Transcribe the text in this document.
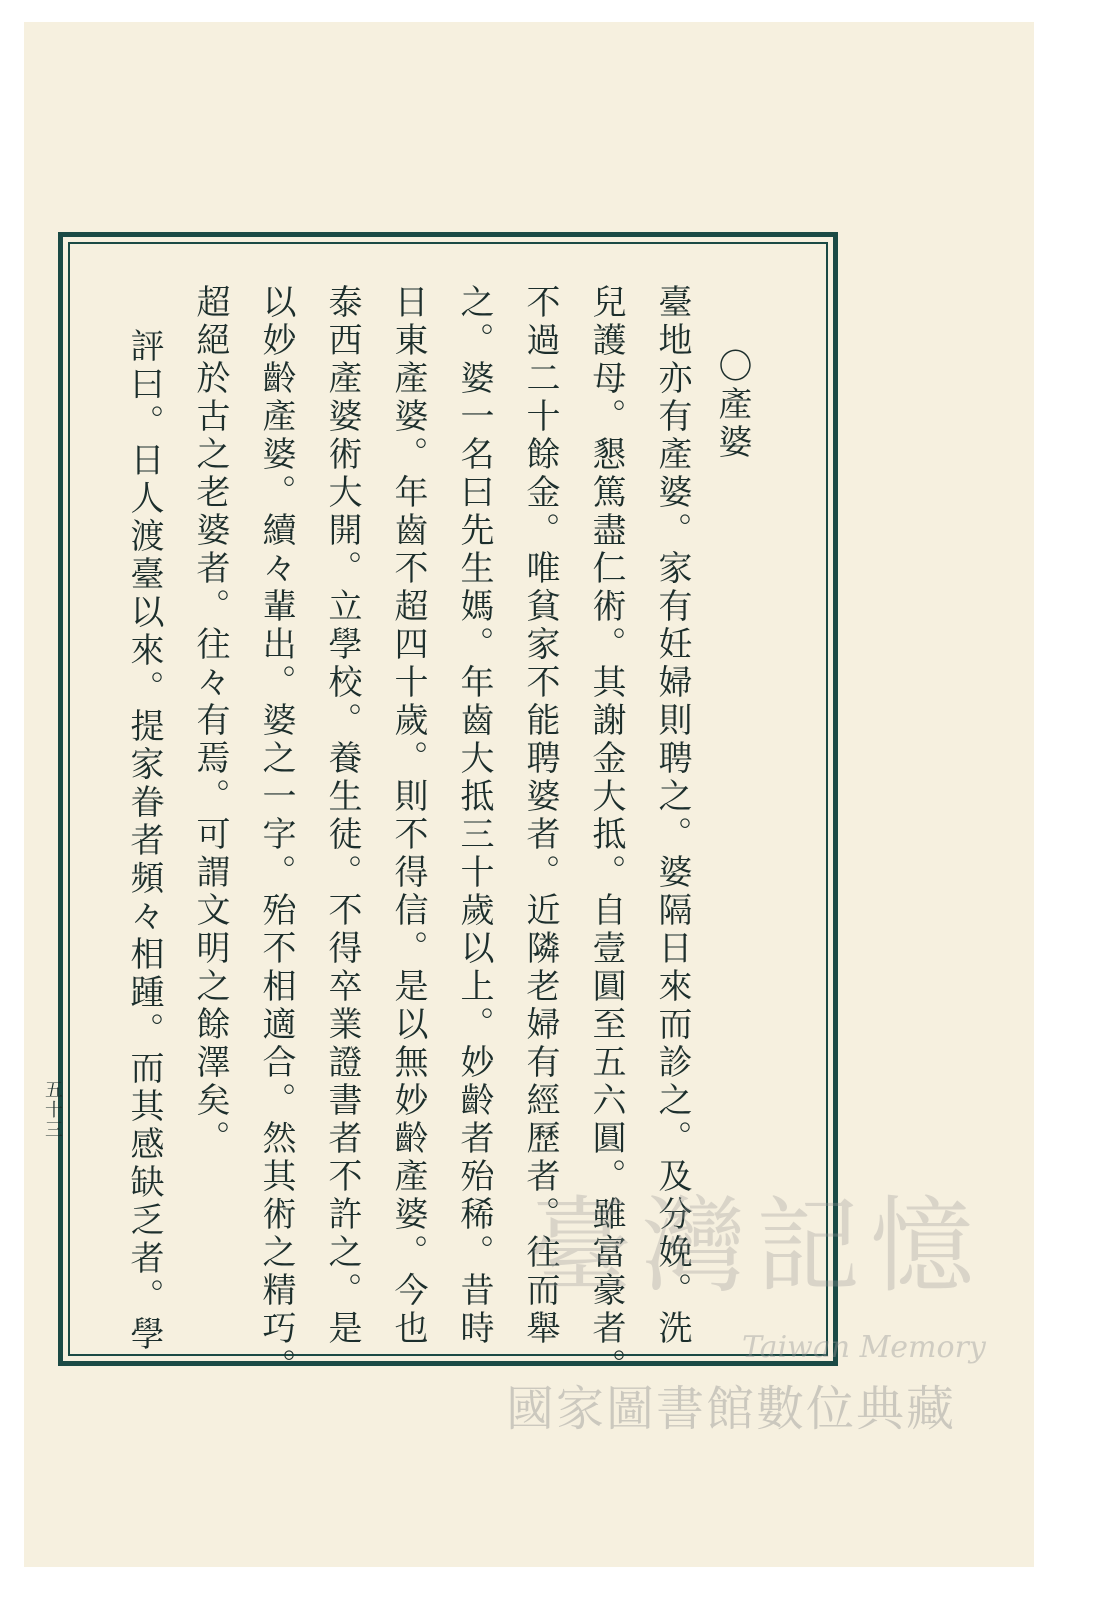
〇產婆
臺地亦有產婆。家有妊婦則聘之。婆隔日來而診之。及分娩。洗
兒護母。懇篤盡仁術。其謝金大抵。自壹圓至五六圓。雖富豪者。
不過二十餘金。唯貧家不能聘婆者。近隣老婦有經歷者。往而舉
之。婆一名曰先生媽。年齒大抵三十歲以上。妙齡者殆稀。昔時
日東產婆。年齒不超四十歲。則不得信。是以無妙齡產婆。今也
泰西產婆術大開。立學校。養生徒。不得卒業證書者不許之。是
以妙齡產婆。續々輩出。婆之一字。殆不相適合。然其術之精巧。
超絕於古之老婆者。往々有焉。可謂文明之餘澤矣。
評曰。日人渡臺以來。提家眷者頻々相踵。而其感缺乏者。學
五十三
臺灣記憶
Taiwan Memory
國家圖書館數位典藏
